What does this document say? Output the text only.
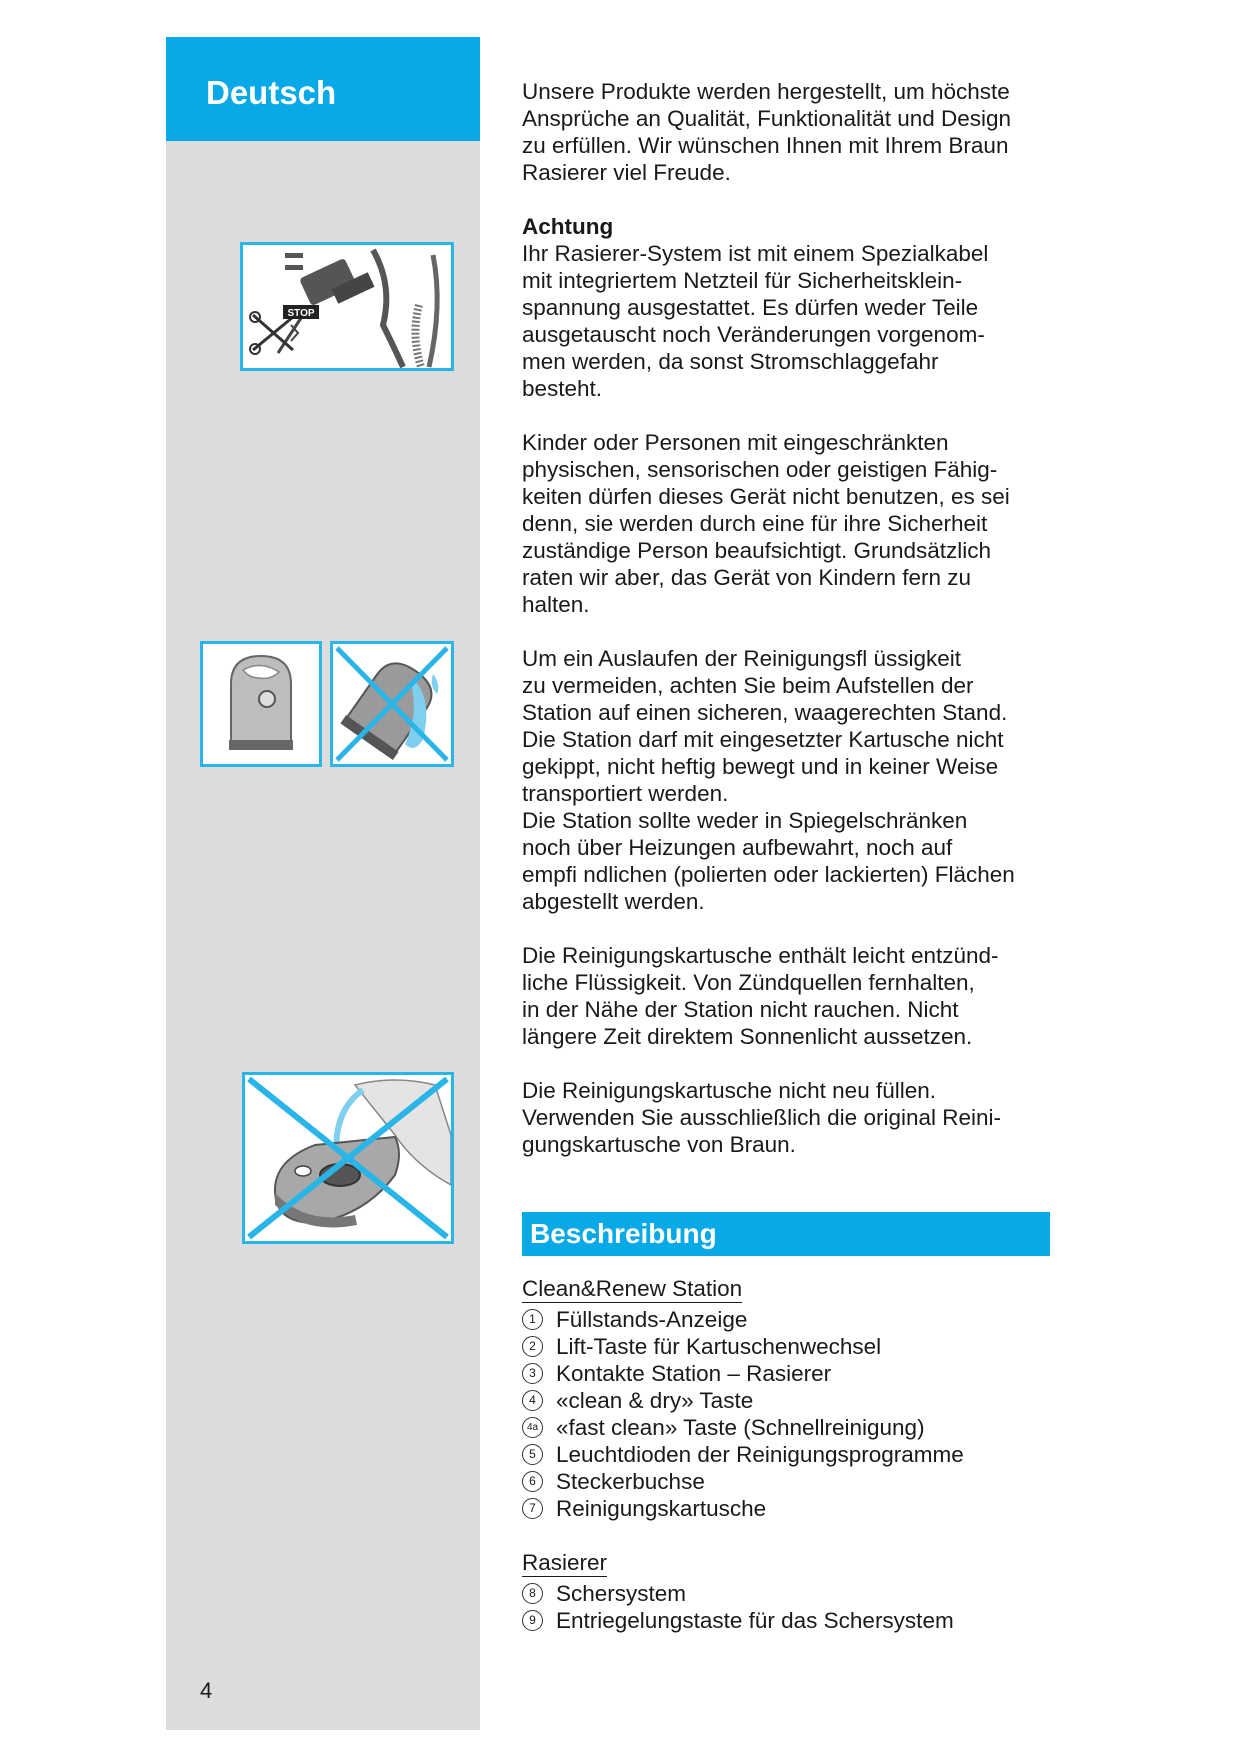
Deutsch
4
STOP

Unsere Produkte werden hergestellt, um höchste

Ansprüche an Qualität, Funktionalität und Design

zu erfüllen. Wir wünschen Ihnen mit Ihrem Braun

Rasierer viel Freude.

Achtung

Ihr Rasierer-System ist mit einem Spezialkabel

mit integriertem Netzteil für Sicherheitsklein-

spannung ausgestattet. Es dürfen weder Teile

ausgetauscht noch Veränderungen vorgenom-

men werden, da sonst Stromschlaggefahr

besteht.

Kinder oder Personen mit eingeschränkten

physischen, sensorischen oder geistigen Fähig-

keiten dürfen dieses Gerät nicht benutzen, es sei

denn, sie werden durch eine für ihre Sicherheit

zuständige Person beaufsichtigt. Grundsätzlich

raten wir aber, das Gerät von Kindern fern zu

halten.

Um ein Auslaufen der Reinigungsfl üssigkeit

zu vermeiden, achten Sie beim Aufstellen der

Station auf einen sicheren, waagerechten Stand.

Die Station darf mit eingesetzter Kartusche nicht

gekippt, nicht heftig bewegt und in keiner Weise

transportiert werden.

Die Station sollte weder in Spiegelschränken

noch über Heizungen aufbewahrt, noch auf

empfi ndlichen (polierten oder lackierten) Flächen

abgestellt werden.

Die Reinigungskartusche enthält leicht entzünd-

liche Flüssigkeit. Von Zündquellen fernhalten,

in der Nähe der Station nicht rauchen. Nicht

längere Zeit direktem Sonnenlicht aussetzen.

Die Reinigungskartusche nicht neu füllen.

Verwenden Sie ausschließlich die original Reini-

gungskartusche von Braun.

Beschreibung
Clean&Renew Station
1 Füllstands-Anzeige
2 Lift-Taste für Kartuschenwechsel
3 Kontakte Station – Rasierer
4 «clean & dry» Taste
4a «fast clean» Taste (Schnellreinigung)
5 Leuchtdioden der Reinigungsprogramme
6 Steckerbuchse
7 Reinigungskartusche
Rasierer
8 Schersystem
9 Entriegelungstaste für das Schersystem
